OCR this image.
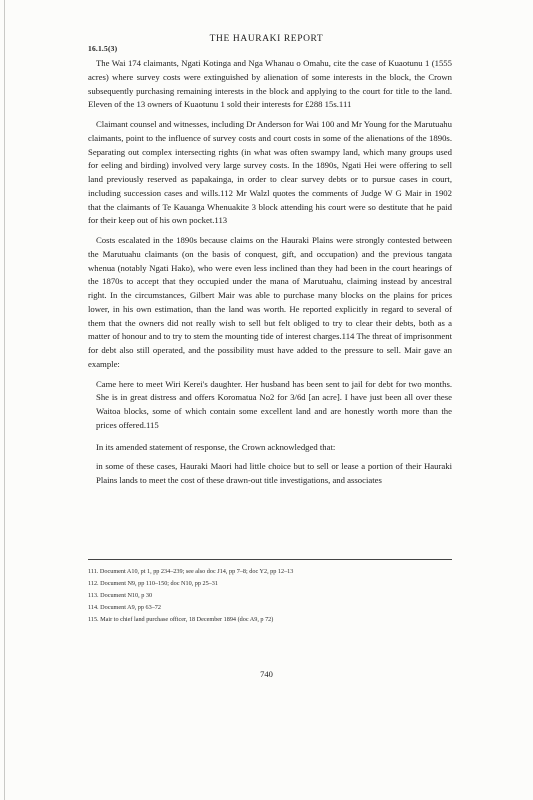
THE HAURAKI REPORT
16.1.5(3)

The Wai 174 claimants, Ngati Kotinga and Nga Whanau o Omahu, cite the case of Kuaotunu 1 (1555 acres) where survey costs were extinguished by alienation of some interests in the block, the Crown subsequently purchasing remaining interests in the block and applying to the court for title to the land. Eleven of the 13 owners of Kuaotunu 1 sold their interests for £288 15s.111

Claimant counsel and witnesses, including Dr Anderson for Wai 100 and Mr Young for the Marutuahu claimants, point to the influence of survey costs and court costs in some of the alienations of the 1890s. Separating out complex intersecting rights (in what was often swampy land, which many groups used for eeling and birding) involved very large survey costs. In the 1890s, Ngati Hei were offering to sell land previously reserved as papakainga, in order to clear survey debts or to pursue cases in court, including succession cases and wills.112 Mr Walzl quotes the comments of Judge W G Mair in 1902 that the claimants of Te Kauanga Whenuakite 3 block attending his court were so destitute that he paid for their keep out of his own pocket.113

Costs escalated in the 1890s because claims on the Hauraki Plains were strongly contested between the Marutuahu claimants (on the basis of conquest, gift, and occupation) and the previous tangata whenua (notably Ngati Hako), who were even less inclined than they had been in the court hearings of the 1870s to accept that they occupied under the mana of Marutuahu, claiming instead by ancestral right. In the circumstances, Gilbert Mair was able to purchase many blocks on the plains for prices lower, in his own estimation, than the land was worth. He reported explicitly in regard to several of them that the owners did not really wish to sell but felt obliged to try to clear their debts, both as a matter of honour and to try to stem the mounting tide of interest charges.114 The threat of imprisonment for debt also still operated, and the possibility must have added to the pressure to sell. Mair gave an example:

Came here to meet Wiri Kerei's daughter. Her husband has been sent to jail for debt for two months. She is in great distress and offers Koromatua No2 for 3/6d [an acre]. I have just been all over these Waitoa blocks, some of which contain some excellent land and are honestly worth more than the prices offered.115

In its amended statement of response, the Crown acknowledged that:

in some of these cases, Hauraki Maori had little choice but to sell or lease a portion of their Hauraki Plains lands to meet the cost of these drawn-out title investigations, and associates
111. Document A10, pt 1, pp 234–239; see also doc J14, pp 7–8; doc Y2, pp 12–13
112. Document N9, pp 110–150; doc N10, pp 25–31
113. Document N10, p 30
114. Document A9, pp 63–72
115. Mair to chief land purchase officer, 18 December 1894 (doc A9, p 72)
740
